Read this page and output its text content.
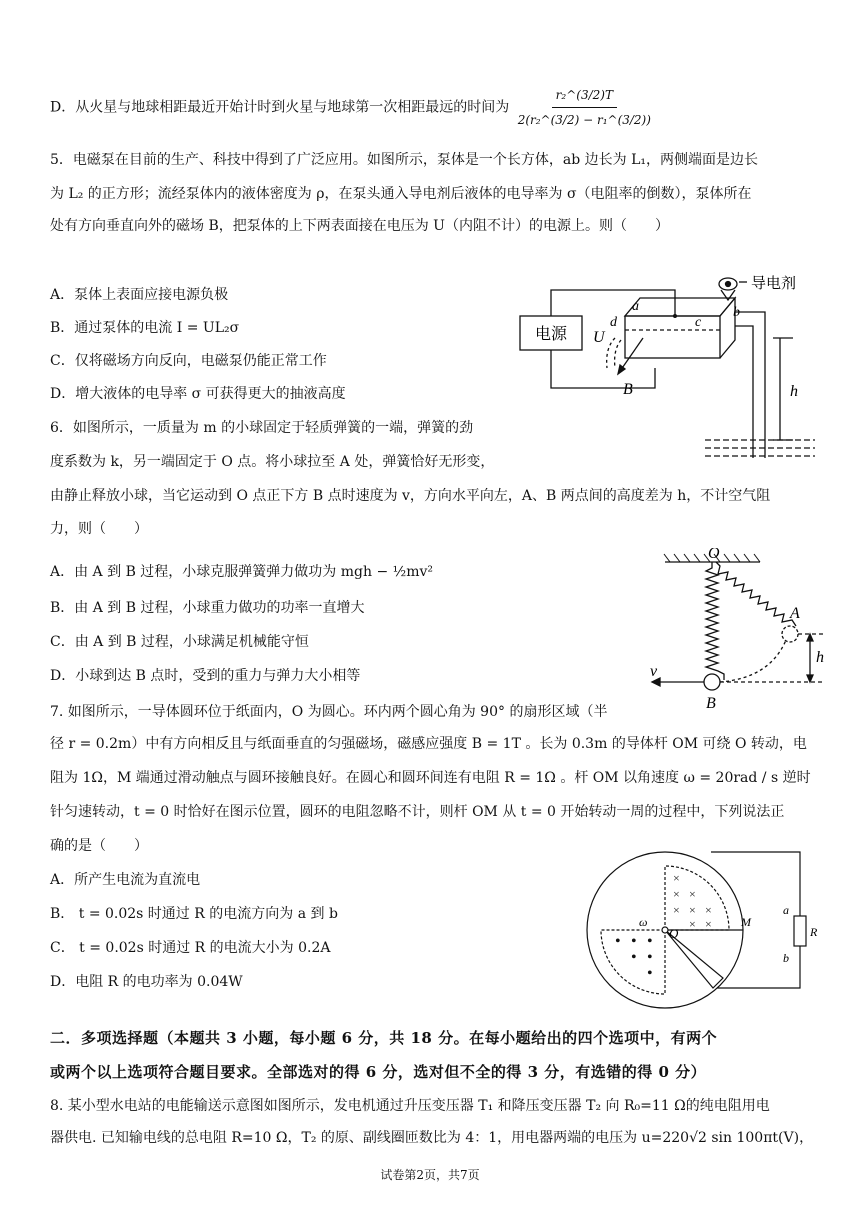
D．从火星与地球相距最近开始计时到火星与地球第一次相距最远的时间为 $\frac{\text{r₂\textasciicircum{}(3/2)T}}{\text{2(r₂\textasciicircum{}(3/2) − r₁\textasciicircum{}(3/2))}}$
5．电磁泵在目前的生产、科技中得到了广泛应用。如图所示，泵体是一个长方体，ab 边长为 L₁，两侧端面是边长
为 L₂ 的正方形；流经泵体内的液体密度为 ρ，在泵头通入导电剂后液体的电导率为 σ（电阻率的倒数），泵体所在
处有方向垂直向外的磁场 B，把泵体的上下两表面接在电压为 U（内阻不计）的电源上。则（　　）
A．泵体上表面应接电源负极
B．通过泵体的电流 I = UL₂σ
C．仅将磁场方向反向，电磁泵仍能正常工作
D．增大液体的电导率 σ 可获得更大的抽液高度
电源
导电剂
a	b
c
d
U
B	h
6．如图所示，一质量为 m 的小球固定于轻质弹簧的一端，弹簧的劲
度系数为 k，另一端固定于 O 点。将小球拉至 A 处，弹簧恰好无形变，
由静止释放小球，当它运动到 O 点正下方 B 点时速度为 v，方向水平向左，A、B 两点间的高度差为 h，不计空气阻
力，则（　　）
A．由 A 到 B 过程，小球克服弹簧弹力做功为 mgh − ½mv²
B．由 A 到 B 过程，小球重力做功的功率一直增大
C．由 A 到 B 过程，小球满足机械能守恒
D．小球到达 B 点时，受到的重力与弹力大小相等
O
A
B
v
h
7. 如图所示，一导体圆环位于纸面内，O 为圆心。环内两个圆心角为 90° 的扇形区域（半
径 r = 0.2m）中有方向相反且与纸面垂直的匀强磁场，磁感应强度 B = 1T 。长为 0.3m 的导体杆 OM 可绕 O 转动，电
阻为 1Ω，M 端通过滑动触点与圆环接触良好。在圆心和圆环间连有电阻 R = 1Ω 。杆 OM 以角速度 ω = 20rad / s 逆时
针匀速转动，t = 0 时恰好在图示位置，圆环的电阻忽略不计，则杆 OM 从 t = 0 开始转动一周的过程中，下列说法正
确的是（　　）
A．所产生电流为直流电
B． t = 0.02s 时通过 R 的电流方向为 a 到 b
C． t = 0.02s 时通过 R 的电流大小为 0.2A
D．电阻 R 的电功率为 0.04W
×
× ×
× × ×
× ×
• • •
• •
•
ω
O
M
a
b
R
二．多项选择题（本题共 3 小题，每小题 6 分，共 18 分。在每小题给出的四个选项中，有两个
或两个以上选项符合题目要求。全部选对的得 6 分，选对但不全的得 3 分，有选错的得 0 分）
8. 某小型水电站的电能输送示意图如图所示，发电机通过升压变压器 T₁ 和降压变压器 T₂ 向 R₀=11 Ω的纯电阻用电
器供电. 已知输电线的总电阻 R=10 Ω，T₂ 的原、副线圈匝数比为 4：1，用电器两端的电压为 u=220√2 sin 100πt(V)，
试卷第2页，共7页
